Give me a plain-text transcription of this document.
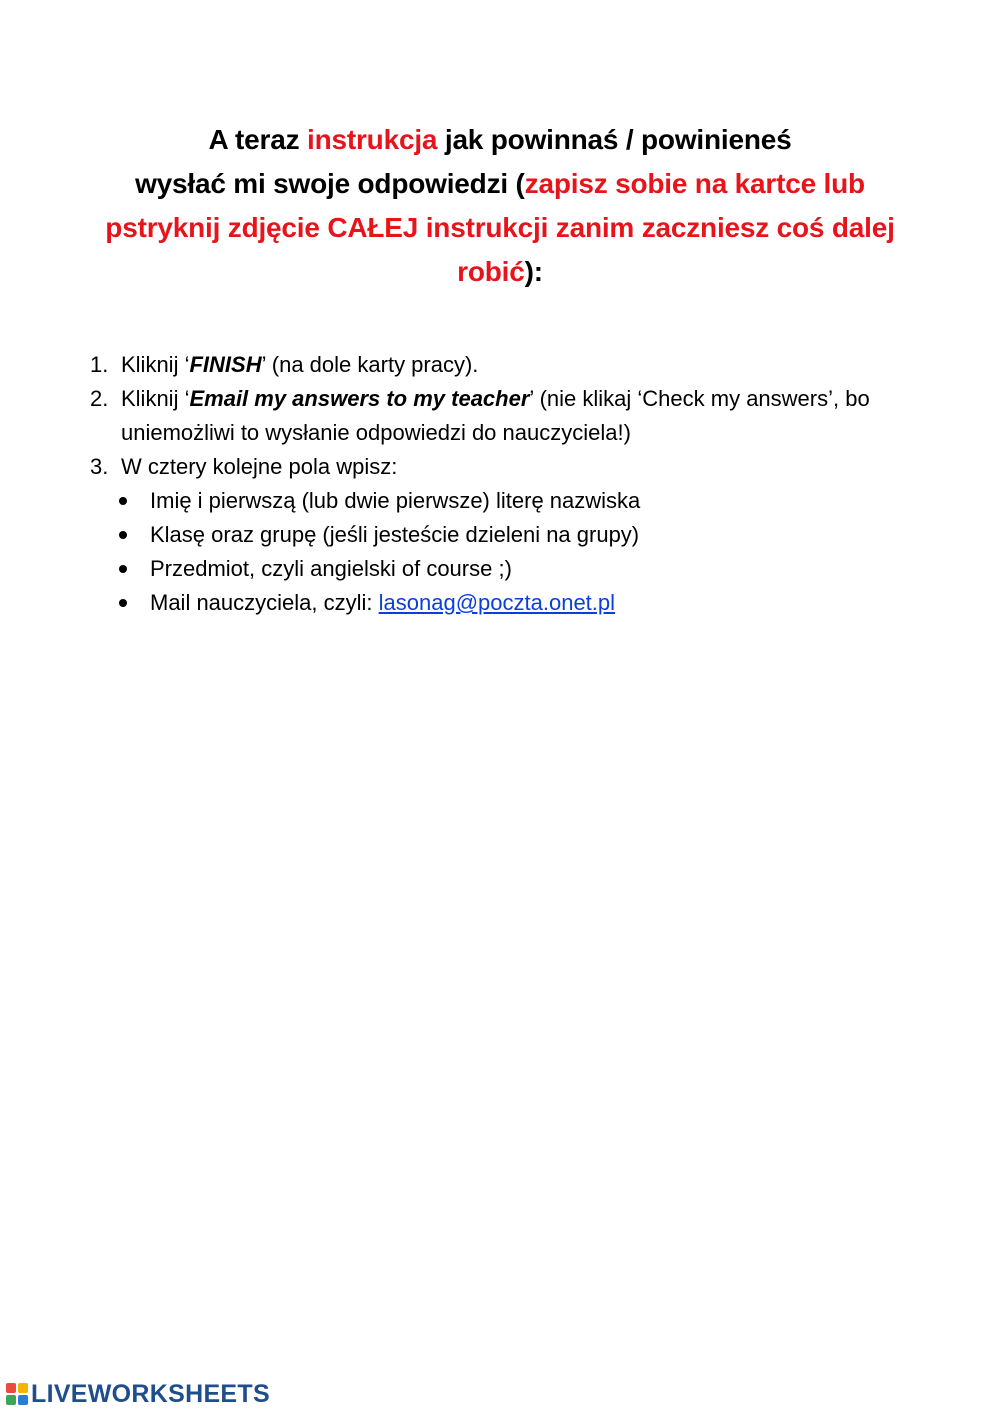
A teraz instrukcja jak powinnaś / powinieneś
wysłać mi swoje odpowiedzi (zapisz sobie na kartce lub
pstryknij zdjęcie CAŁEJ instrukcji zanim zaczniesz coś dalej
robić):
1. Kliknij ‘FINISH’ (na dole karty pracy).
2. Kliknij ‘Email my answers to my teacher’ (nie klikaj ‘Check my answers’, bo uniemożliwi to wysłanie odpowiedzi do nauczyciela!)
3. W cztery kolejne pola wpisz:
Imię i pierwszą (lub dwie pierwsze) literę nazwiska
Klasę oraz grupę (jeśli jesteście dzieleni na grupy)
Przedmiot, czyli angielski of course ;)
Mail nauczyciela, czyli: lasonag@poczta.onet.pl
LIVEWORKSHEETS
